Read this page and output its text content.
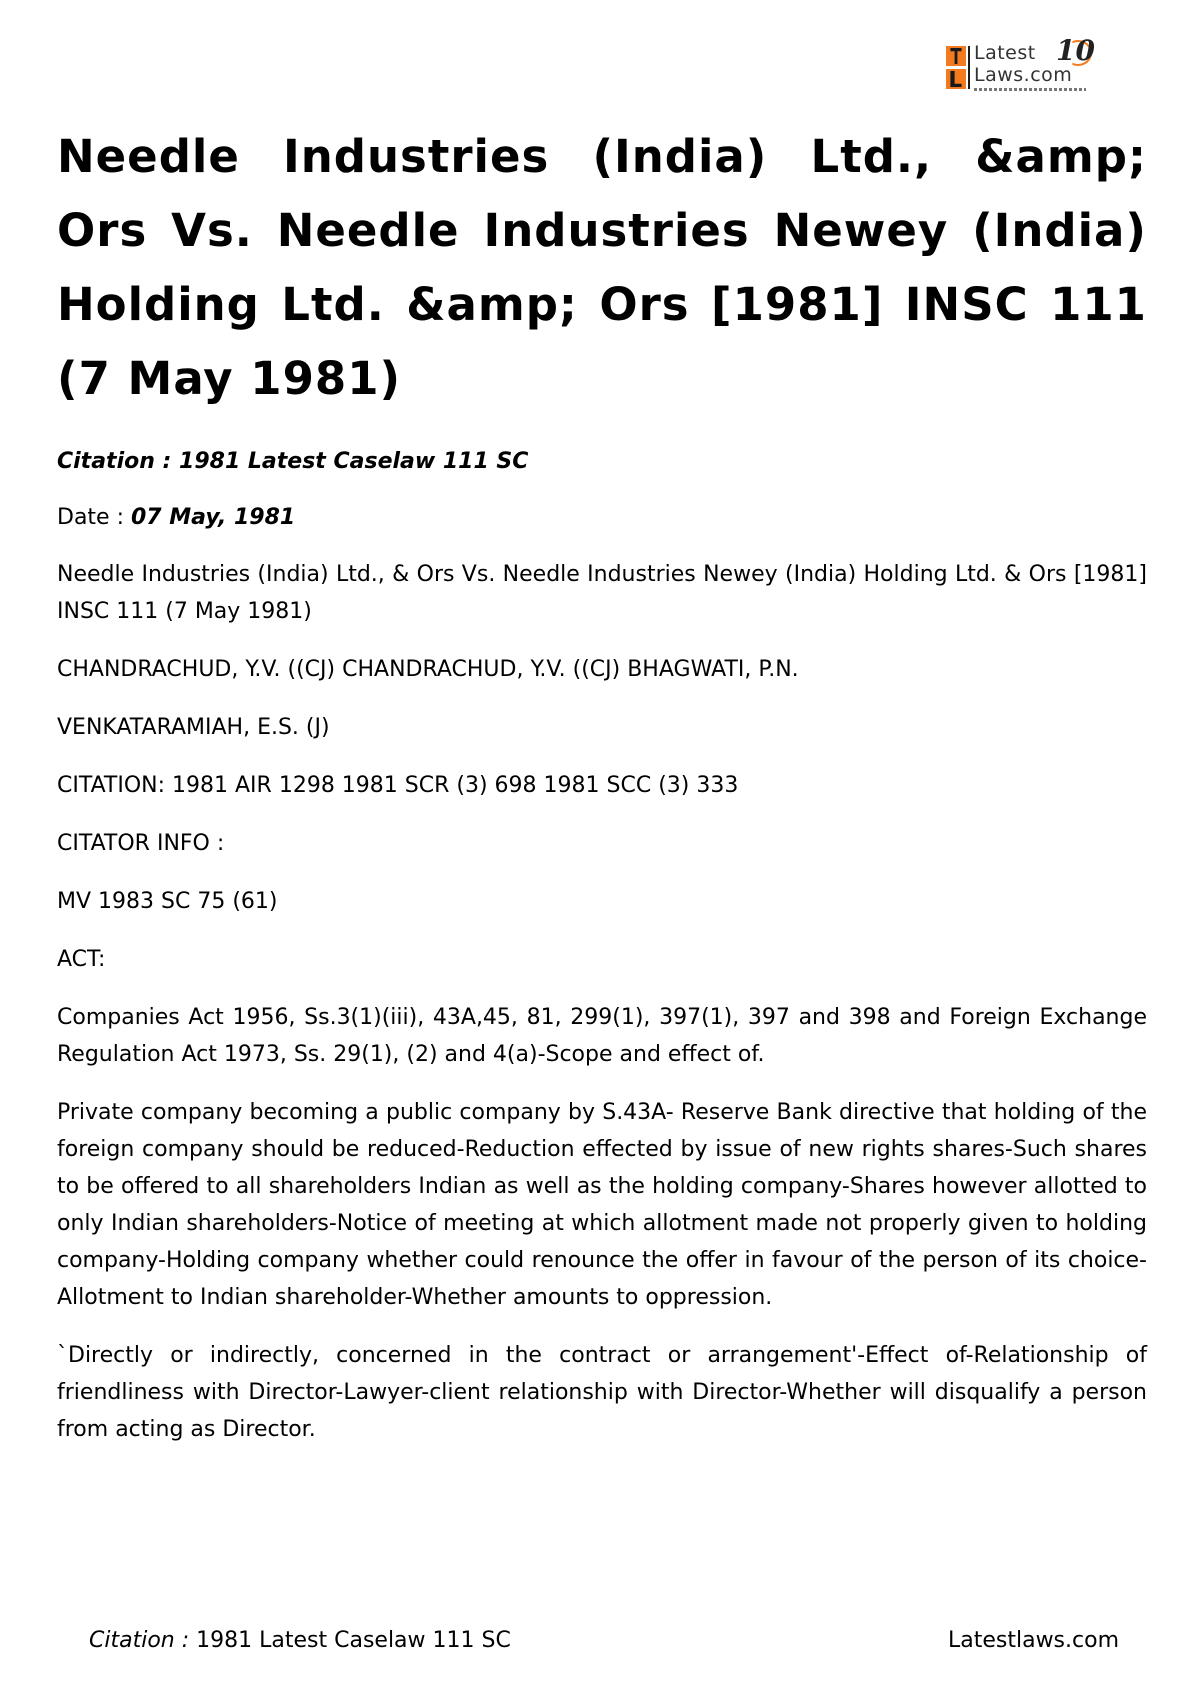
Latest
Laws.com
10
Needle Industries (India) Ltd., &amp; Ors Vs. Needle Industries Newey (India) Holding Ltd. &amp; Ors [1981] INSC 111 (7 May 1981)
Citation : 1981 Latest Caselaw 111 SC
Date : 07 May, 1981

Needle Industries (India) Ltd., & Ors Vs. Needle Industries Newey (India) Holding Ltd. & Ors [1981] INSC 111 (7 May 1981)

CHANDRACHUD, Y.V. ((CJ) CHANDRACHUD, Y.V. ((CJ) BHAGWATI, P.N.

VENKATARAMIAH, E.S. (J)

CITATION: 1981 AIR 1298 1981 SCR (3) 698 1981 SCC (3) 333

CITATOR INFO :

MV 1983 SC 75 (61)

ACT:

Companies Act 1956, Ss.3(1)(iii), 43A,45, 81, 299(1), 397(1), 397 and 398 and Foreign Exchange Regulation Act 1973, Ss. 29(1), (2) and 4(a)-Scope and effect of.

Private company becoming a public company by S.43A- Reserve Bank directive that holding of the foreign company should be reduced-Reduction effected by issue of new rights shares-Such shares to be offered to all shareholders Indian as well as the holding company-Shares however allotted to only Indian shareholders-Notice of meeting at which allotment made not properly given to holding company-Holding company whether could renounce the offer in favour of the person of its choice-Allotment to Indian shareholder-Whether amounts to oppression.

`Directly or indirectly, concerned in the contract or arrangement'-Effect of-Relationship of friendliness with Director-Lawyer-client relationship with Director-Whether will disqualify a person from acting as Director.

Citation : 1981 Latest Caselaw 111 SC	Latestlaws.com
